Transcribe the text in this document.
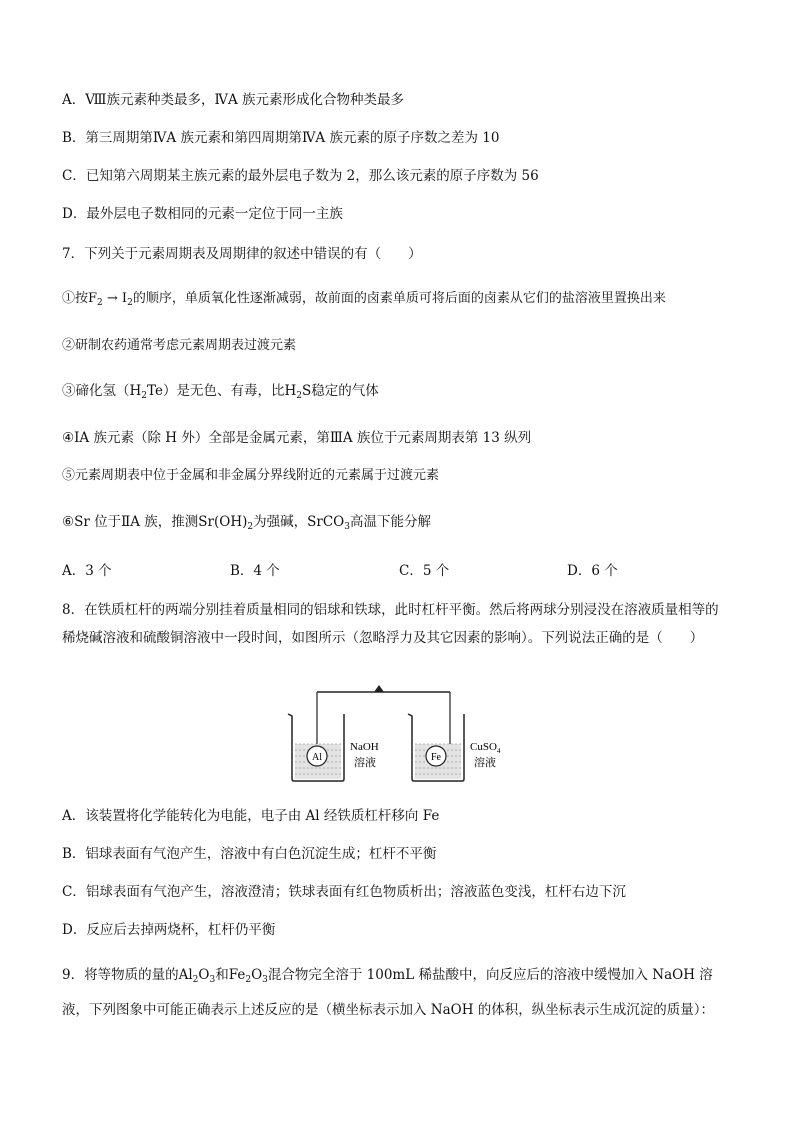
A．Ⅷ族元素种类最多，ⅣA 族元素形成化合物种类最多
B．第三周期第ⅣA 族元素和第四周期第ⅣA 族元素的原子序数之差为 10
C．已知第六周期某主族元素的最外层电子数为 2，那么该元素的原子序数为 56
D．最外层电子数相同的元素一定位于同一主族
7．下列关于元素周期表及周期律的叙述中错误的有（　　）
①按$F_2 \to I_2$的顺序，单质氧化性逐渐减弱，故前面的卤素单质可将后面的卤素从它们的盐溶液里置换出来
②研制农药通常考虑元素周期表过渡元素
③碲化氢$(H_2Te)$是无色、有毒，比$H_2S$稳定的气体
④ⅠA 族元素（除 H 外）全部是金属元素，第ⅢA 族位于元素周期表第 13 纵列
⑤元素周期表中位于金属和非金属分界线附近的元素属于过渡元素
⑥Sr 位于ⅡA 族，推测$Sr(OH)_2$为强碱，SrCO$_3$高温下能分解
A．3 个	B．4 个	C．5 个	D．6 个
8．在铁质杠杆的两端分别挂着质量相同的铝球和铁球，此时杠杆平衡。然后将两球分别浸没在溶液质量相等的稀烧碱溶液和硫酸铜溶液中一段时间，如图所示（忽略浮力及其它因素的影响）。下列说法正确的是（　　）
Al
NaOH
溶液	Fe
CuSO$_4$
溶液
A．该装置将化学能转化为电能，电子由 Al 经铁质杠杆移向 Fe
B．铝球表面有气泡产生，溶液中有白色沉淀生成；杠杆不平衡
C．铝球表面有气泡产生，溶液澄清；铁球表面有红色物质析出；溶液蓝色变浅，杠杆右边下沉
D．反应后去掉两烧杯，杠杆仍平衡
9．将等物质的量的$Al_2O_3$和$Fe_2O_3$混合物完全溶于 100mL 稀盐酸中，向反应后的溶液中缓慢加入 NaOH 溶
液，下列图象中可能正确表示上述反应的是（横坐标表示加入 NaOH 的体积，纵坐标表示生成沉淀的质量）：
